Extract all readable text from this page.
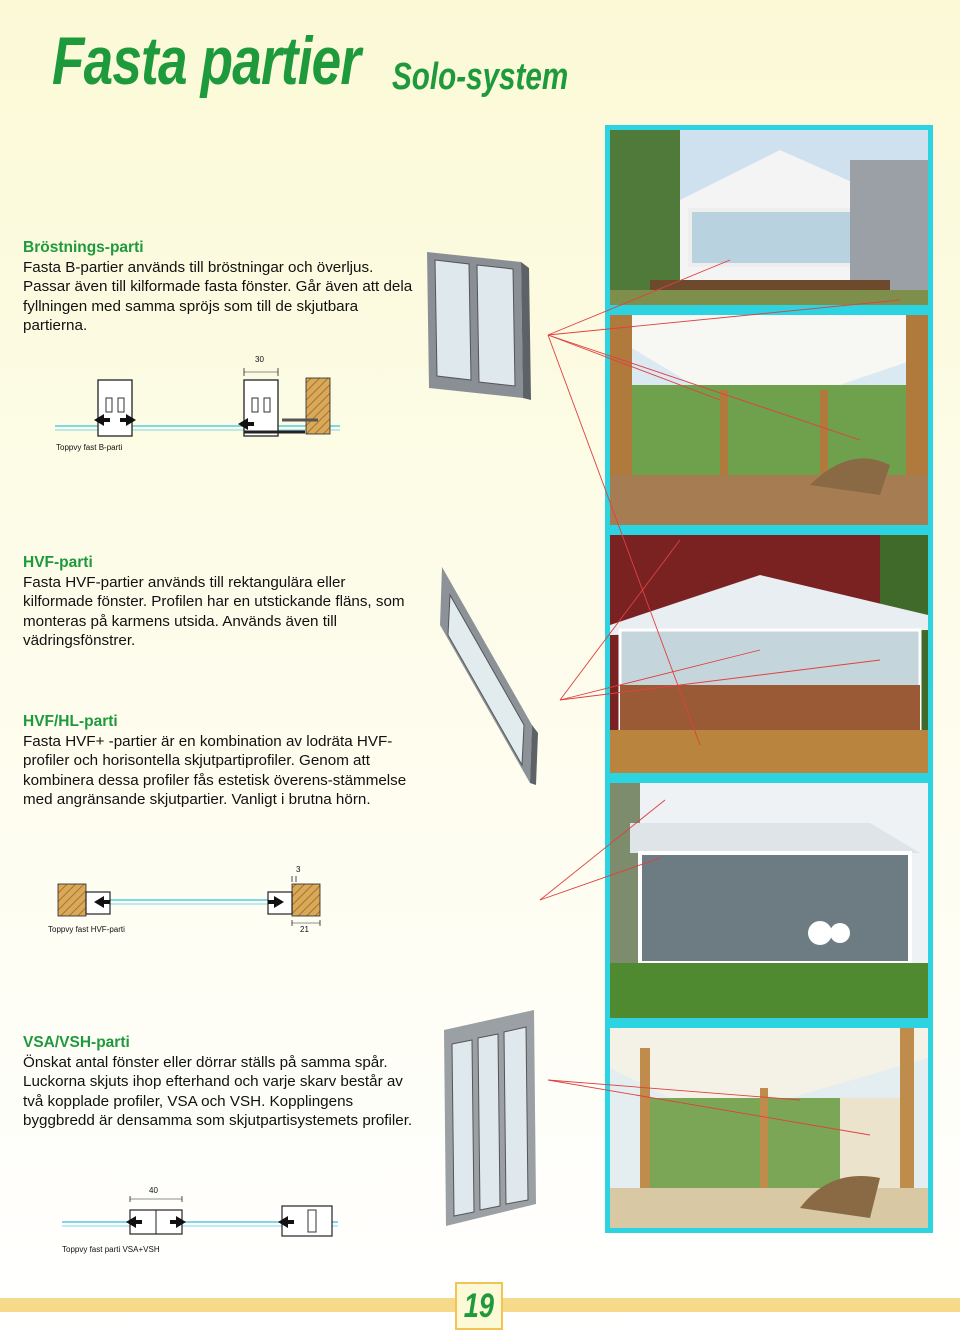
Fasta partier Solo-system
Bröstnings-parti

Fasta B-partier används till bröstningar och överljus. Passar även till kilformade fasta fönster. Går även att dela fyllningen med samma spröjs som till de skjutbara partierna.

HVF-parti

Fasta HVF-partier används till rektangulära eller kilformade fönster. Profilen har en utstickande fläns, som monteras på karmens utsida. Används även till vädringsfönstrer.

HVF/HL-parti

Fasta HVF+ -partier är en kombination av lodräta HVF-profiler och horisontella skjutpartiprofiler. Genom att kombinera dessa profiler fås estetisk överens-stämmelse med angränsande skjutpartier. Vanligt i brutna hörn.

VSA/VSH-parti

Önskat antal fönster eller dörrar ställs på samma spår. Luckorna skjuts ihop efterhand och varje skarv består av två kopplade profiler, VSA och VSH. Kopplingens byggbredd är densamma som skjutpartisystemets profiler.

30
Toppvy fast B-parti
3
21
Toppvy fast HVF-parti
40
Toppvy fast parti VSA+VSH
19
